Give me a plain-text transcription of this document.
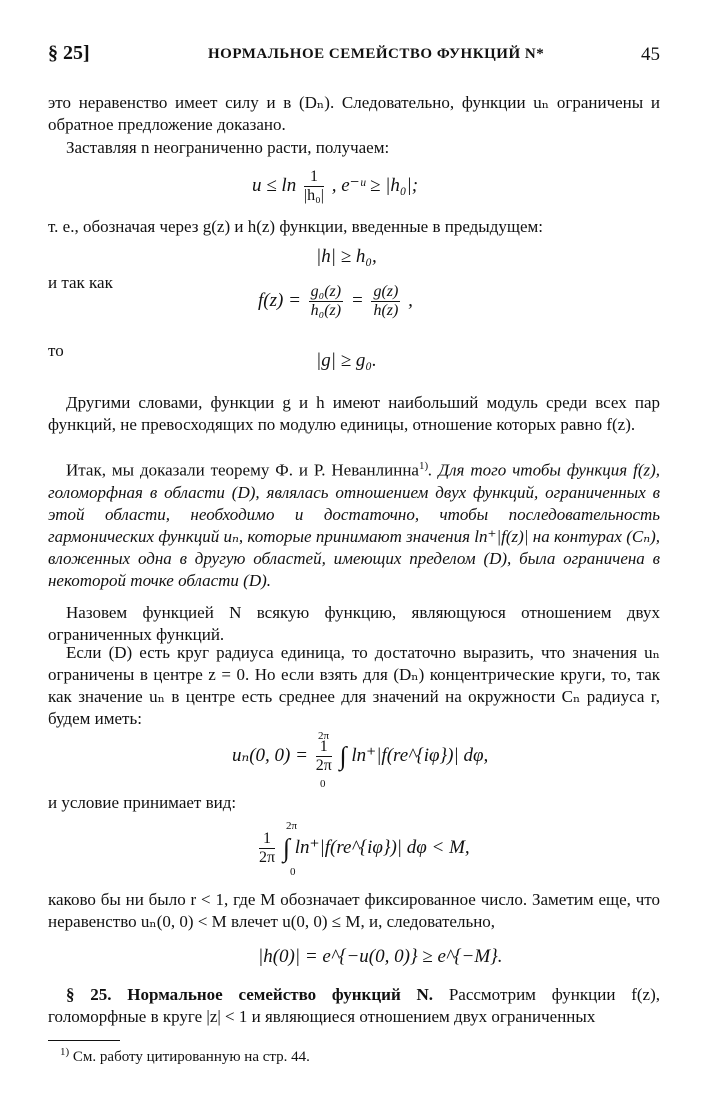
§ 25]	НОРМАЛЬНОЕ СЕМЕЙСТВО ФУНКЦИЙ N*	45
это неравенство имеет силу и в (Dₙ). Следовательно, функции uₙ ограничены и обратное предложение доказано.
Заставляя n неограниченно расти, получаем:
$u \le \ln \frac{1}{\text{|h₀|}}$ , e⁻ᵘ ≥ |h₀|;
т. е., обозначая через g(z) и h(z) функции, введенные в предыдущем:
|h| ≥ h₀,
и так как
$f(z) = \frac{\text{g₀(z)}}{\text{h₀(z)}} = \frac{g(z)}{h(z)}$ ,
то	|g| ≥ g₀.
Другими словами, функции g и h имеют наибольший модуль среди всех пар функций, не превосходящих по модулю единицы, отношение которых равно f(z).
Итак, мы доказали теорему Ф. и Р. Неванлинна$^{1)}$. Для того чтобы функция f(z), голоморфная в области (D), являлась отношением двух функций, ограниченных в этой области, необходимо и достаточно, чтобы последовательность гармонических функций uₙ, которые принимают значения ln⁺|f(z)| на контурах (Cₙ), вложенных одна в другую областей, имеющих пределом (D), была ограничена в некоторой точке области (D).
Назовем функцией N всякую функцию, являющуюся отношением двух ограниченных функций.
Если (D) есть круг радиуса единица, то достаточно выразить, что значения uₙ ограничены в центре z = 0. Но если взять для (Dₙ) концентрические круги, то, так как значение uₙ в центре есть среднее для значений на окружности Cₙ радиуса r, будем иметь:
uₙ(0, $0) = \frac{1}{2\pi}$ ∫ ln⁺|f(re^{iφ})| dφ,
2π
0
и условие принимает вид:
$\frac{1}{2\pi}$ ∫ ln⁺|f(re^{iφ})| dφ < M,
2π
0
каково бы ни было r < 1, где M обозначает фиксированное число. Заметим еще, что неравенство uₙ(0, 0) < M влечет u(0, 0) ≤ M, и, следовательно,
|h(0)| = e^{−u(0, 0)} ≥ e^{−M}.
§ 25. Нормальное семейство функций N. Рассмотрим функции f(z), голоморфные в круге |z| < 1 и являющиеся отношением двух ограниченных
$^{1)}$ См. работу цитированную на стр. 44.
